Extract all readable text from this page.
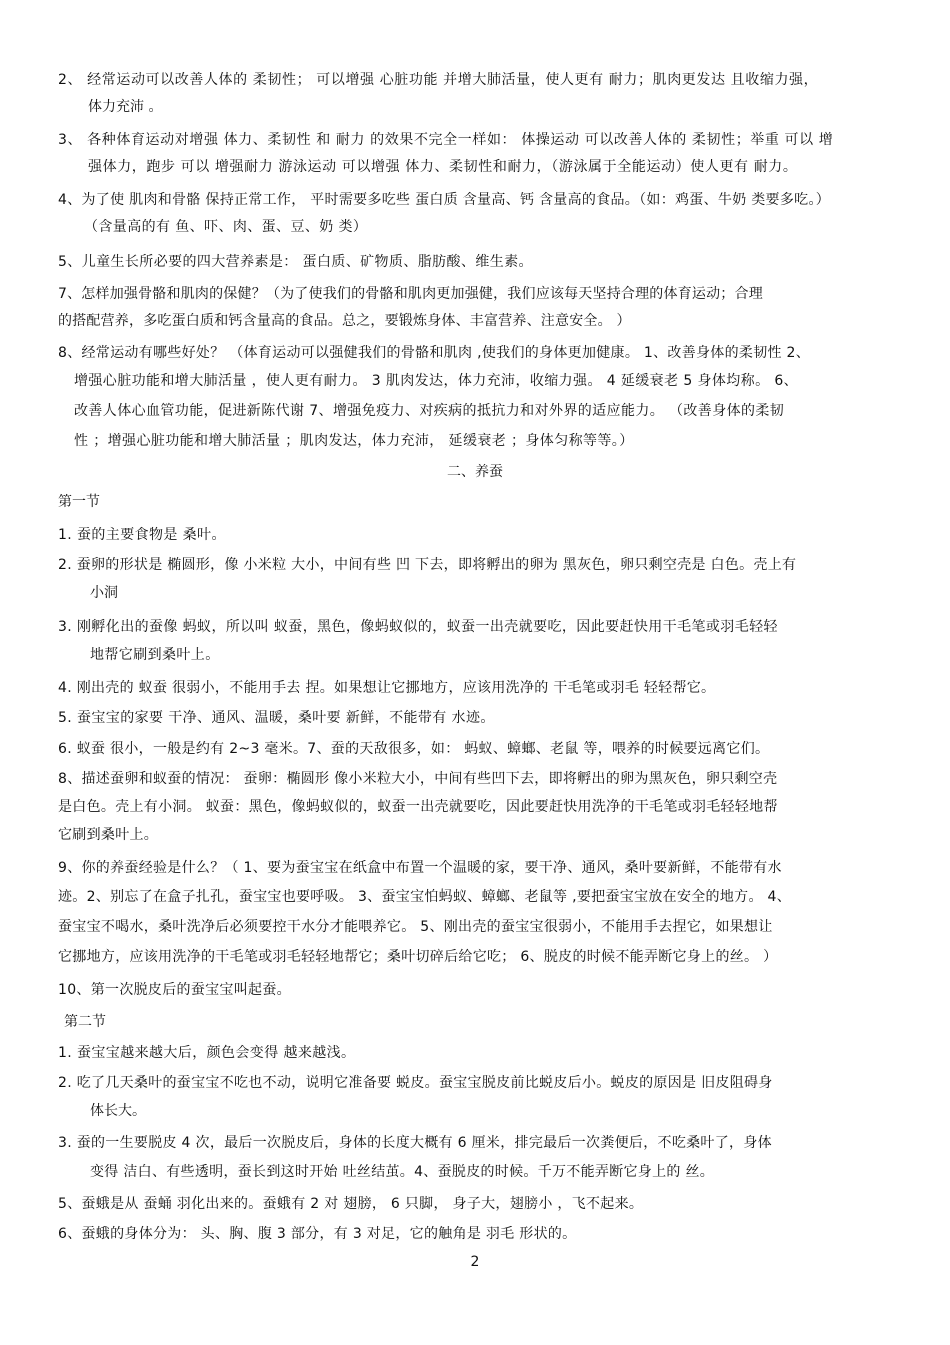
2、 经常运动可以改善人体的 柔韧性； 可以增强 心脏功能 并增大肺活量，使人更有 耐力；肌肉更发达 且收缩力强，
体力充沛 。
3、 各种体育运动对增强 体力、柔韧性 和 耐力 的效果不完全一样如： 体操运动 可以改善人体的 柔韧性；举重 可以 增
强体力，跑步 可以 增强耐力 游泳运动 可以增强 体力、柔韧性和耐力，（游泳属于全能运动）使人更有 耐力。
4、为了使 肌肉和骨骼 保持正常工作， 平时需要多吃些 蛋白质 含量高、钙 含量高的食品。（如：鸡蛋、牛奶 类要多吃。）
（含量高的有 鱼、吓、肉、蛋、豆、奶 类）
5、儿童生长所必要的四大营养素是： 蛋白质、矿物质、脂肪酸、维生素。
7、怎样加强骨骼和肌肉的保健？（为了使我们的骨骼和肌肉更加强健，我们应该每天坚持合理的体育运动；合理
的搭配营养，多吃蛋白质和钙含量高的食品。总之，要锻炼身体、丰富营养、注意安全。 ）
8、经常运动有哪些好处？ （体育运动可以强健我们的骨骼和肌肉 ,使我们的身体更加健康。 1、改善身体的柔韧性 2、
增强心脏功能和增大肺活量 ，使人更有耐力。 3 肌肉发达，体力充沛，收缩力强。 4 延缓衰老 5 身体均称。 6、
改善人体心血管功能，促进新陈代谢 7、增强免疫力、对疾病的抵抗力和对外界的适应能力。 （改善身体的柔韧
性 ；增强心脏功能和增大肺活量 ；肌肉发达，体力充沛， 延缓衰老 ；身体匀称等等。）
二、养蚕
第一节
1. 蚕的主要食物是 桑叶。
2. 蚕卵的形状是 椭圆形，像 小米粒 大小，中间有些 凹 下去，即将孵出的卵为 黑灰色，卵只剩空壳是 白色。壳上有
小洞
3. 刚孵化出的蚕像 蚂蚁，所以叫 蚁蚕，黑色，像蚂蚁似的，蚁蚕一出壳就要吃，因此要赶快用干毛笔或羽毛轻轻
地帮它刷到桑叶上。
4. 刚出壳的 蚁蚕 很弱小，不能用手去 捏。如果想让它挪地方，应该用洗净的 干毛笔或羽毛 轻轻帮它。
5. 蚕宝宝的家要 干净、通风、温暖，桑叶要 新鲜，不能带有 水迹。
6. 蚁蚕 很小，一般是约有 2~3 毫米。7、蚕的天敌很多，如： 蚂蚁、蟑螂、老鼠 等，喂养的时候要远离它们。
8、描述蚕卵和蚁蚕的情况： 蚕卵：椭圆形 像小米粒大小，中间有些凹下去，即将孵出的卵为黑灰色，卵只剩空壳
是白色。壳上有小洞。 蚁蚕：黑色，像蚂蚁似的，蚁蚕一出壳就要吃，因此要赶快用洗净的干毛笔或羽毛轻轻地帮
它刷到桑叶上。
9、你的养蚕经验是什么？（ 1、要为蚕宝宝在纸盒中布置一个温暖的家，要干净、通风，桑叶要新鲜，不能带有水
迹。2、别忘了在盒子扎孔，蚕宝宝也要呼吸。 3、蚕宝宝怕蚂蚁、蟑螂、老鼠等 ,要把蚕宝宝放在安全的地方。 4、
蚕宝宝不喝水，桑叶洗净后必须要控干水分才能喂养它。 5、刚出壳的蚕宝宝很弱小，不能用手去捏它，如果想让
它挪地方，应该用洗净的干毛笔或羽毛轻轻地帮它；桑叶切碎后给它吃； 6、脱皮的时候不能弄断它身上的丝。 ）
10、第一次脱皮后的蚕宝宝叫起蚕。
第二节
1. 蚕宝宝越来越大后，颜色会变得 越来越浅。
2. 吃了几天桑叶的蚕宝宝不吃也不动，说明它准备要 蜕皮。蚕宝宝脱皮前比蜕皮后小。蜕皮的原因是 旧皮阻碍身
体长大。
3. 蚕的一生要脱皮 4 次，最后一次脱皮后，身体的长度大概有 6 厘米，排完最后一次粪便后，不吃桑叶了，身体
变得 洁白、有些透明，蚕长到这时开始 吐丝结茧。4、蚕脱皮的时候。千万不能弄断它身上的 丝。
5、蚕蛾是从 蚕蛹 羽化出来的。蚕蛾有 2 对 翅膀， 6 只脚， 身子大，翅膀小 ，飞不起来。
6、蚕蛾的身体分为： 头、胸、腹 3 部分，有 3 对足，它的触角是 羽毛 形状的。
2
